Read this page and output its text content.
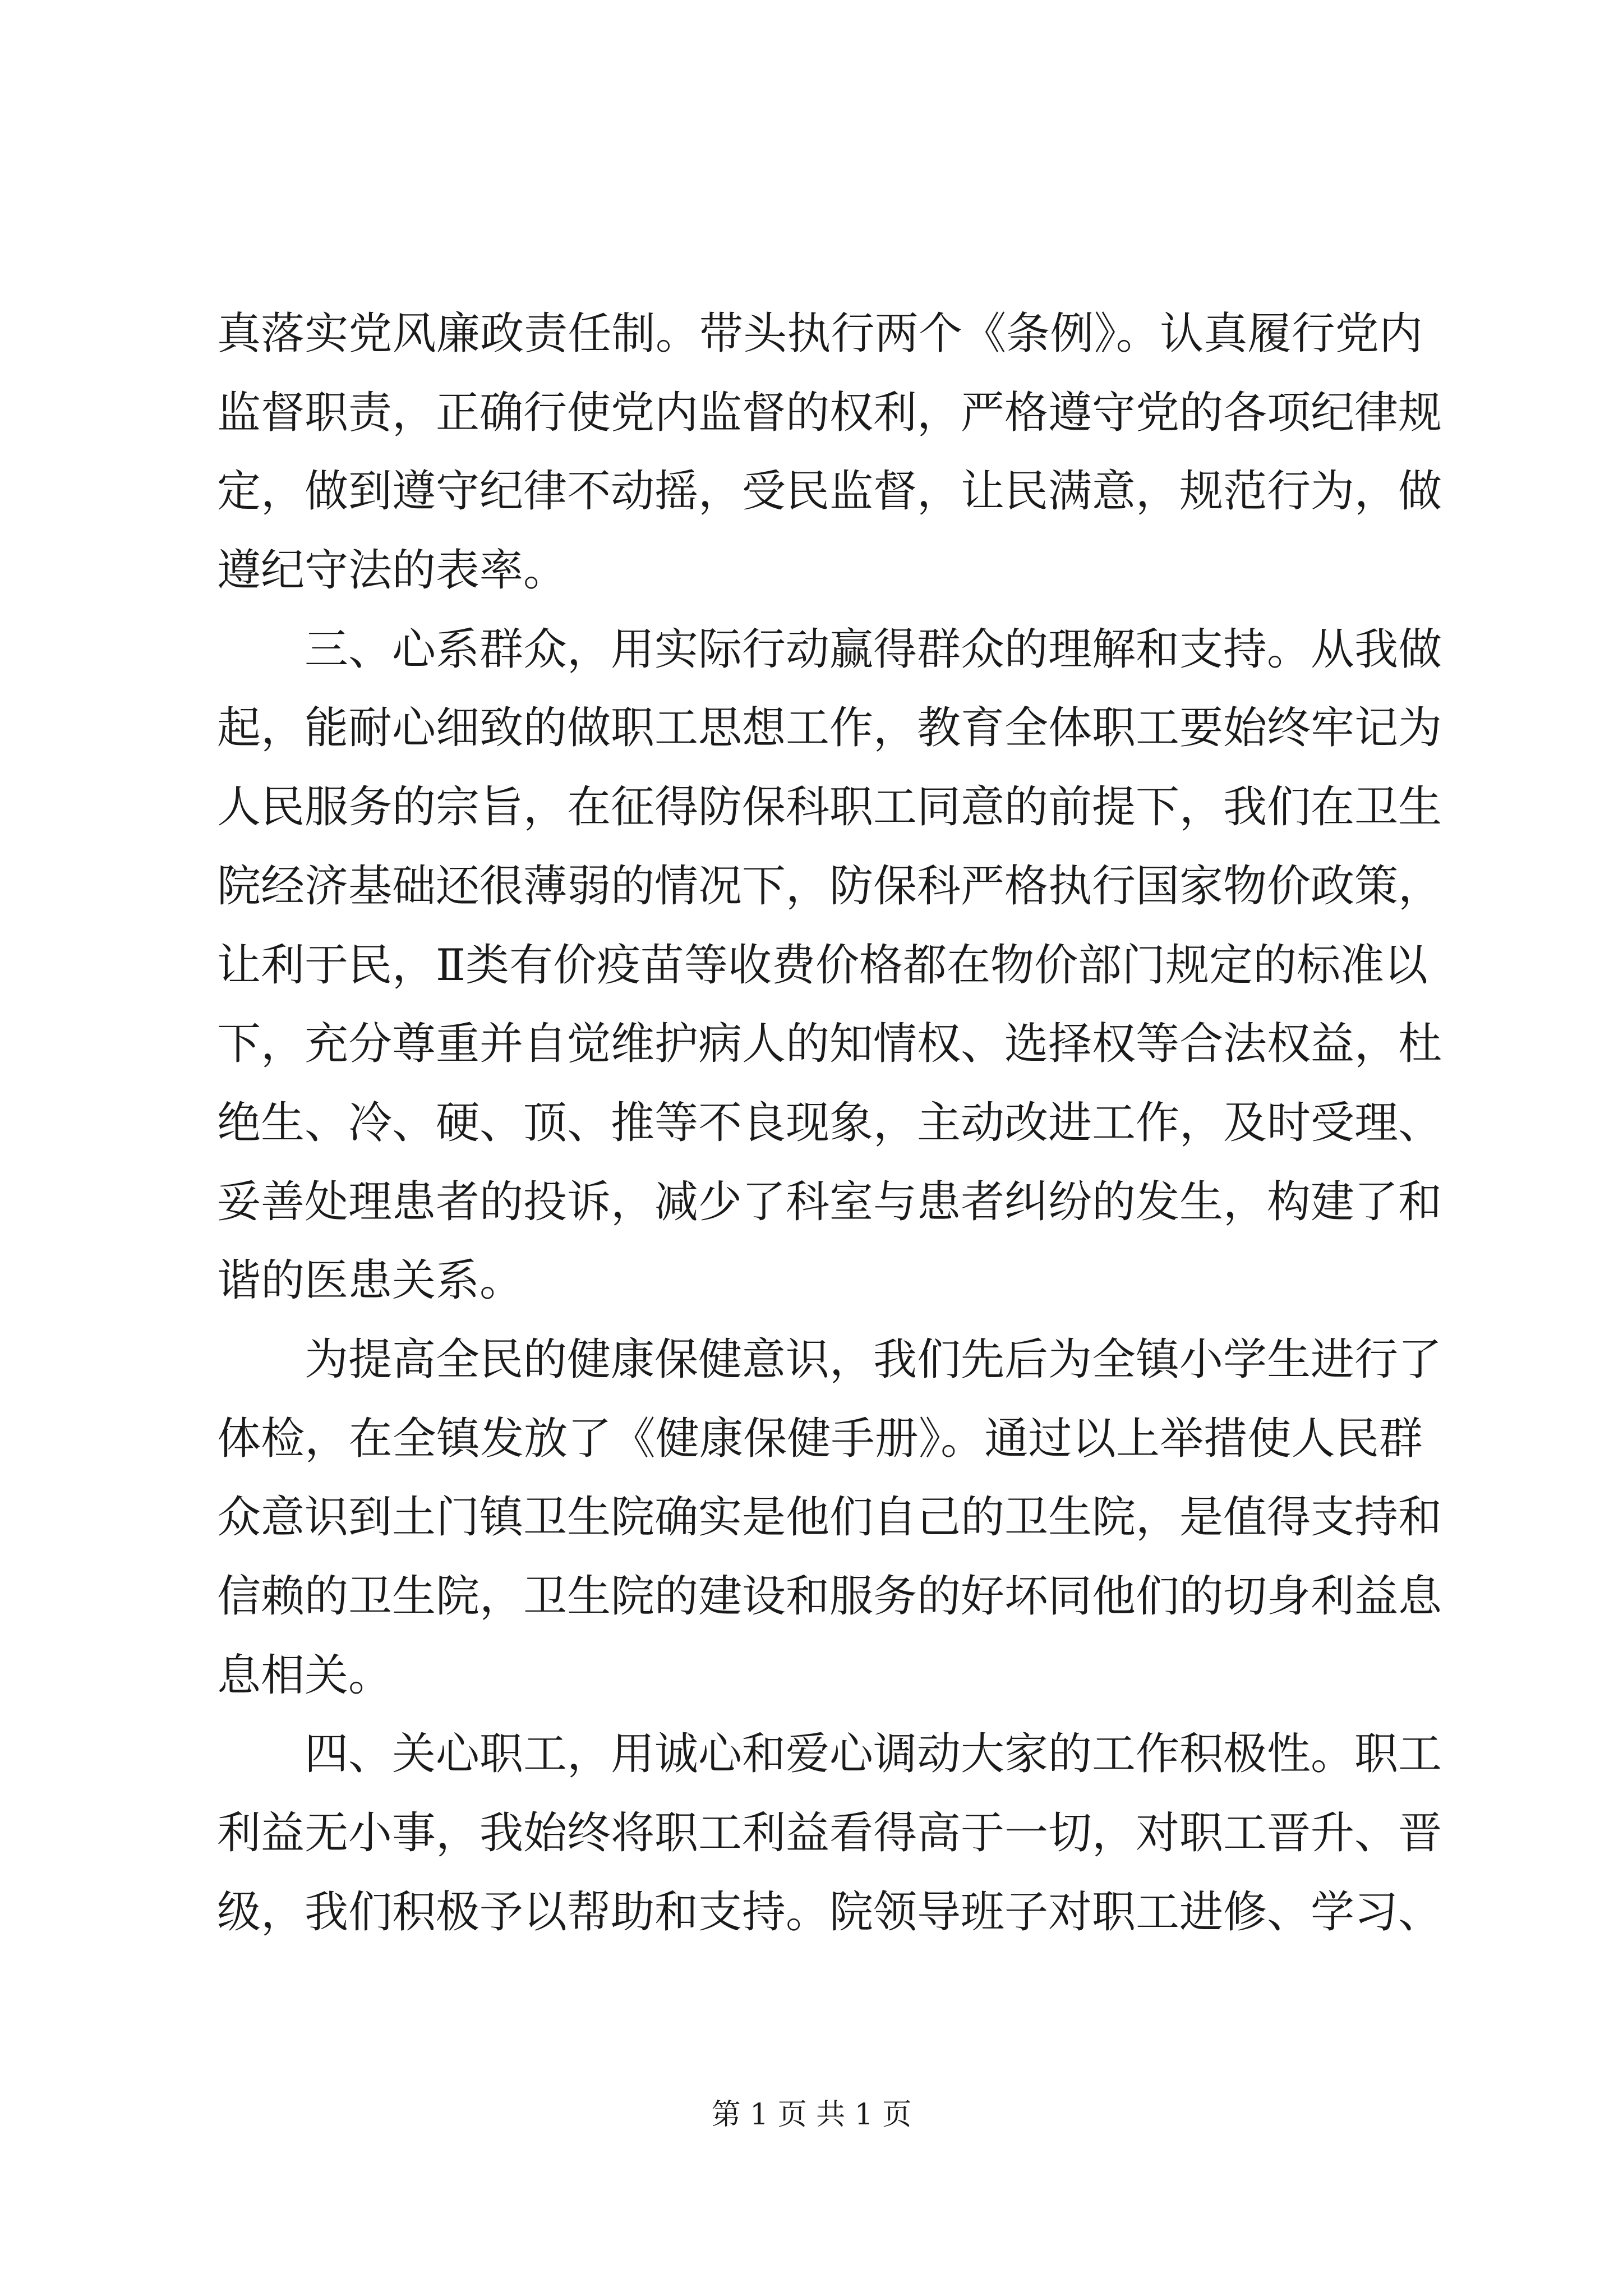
真落实党风廉政责任制。带头执行两个《条例》。认真履行党内
监督职责，正确行使党内监督的权利，严格遵守党的各项纪律规
定，做到遵守纪律不动摇，受民监督，让民满意，规范行为，做
遵纪守法的表率。
三、心系群众，用实际行动赢得群众的理解和支持。从我做
起，能耐心细致的做职工思想工作，教育全体职工要始终牢记为
人民服务的宗旨，在征得防保科职工同意的前提下，我们在卫生
院经济基础还很薄弱的情况下，防保科严格执行国家物价政策，
让利于民，Ⅱ类有价疫苗等收费价格都在物价部门规定的标准以
下，充分尊重并自觉维护病人的知情权、选择权等合法权益，杜
绝生、冷、硬、顶、推等不良现象，主动改进工作，及时受理、
妥善处理患者的投诉，减少了科室与患者纠纷的发生，构建了和
谐的医患关系。
为提高全民的健康保健意识，我们先后为全镇小学生进行了
体检，在全镇发放了《健康保健手册》。通过以上举措使人民群
众意识到土门镇卫生院确实是他们自己的卫生院，是值得支持和
信赖的卫生院，卫生院的建设和服务的好坏同他们的切身利益息
息相关。
四、关心职工，用诚心和爱心调动大家的工作积极性。职工
利益无小事，我始终将职工利益看得高于一切，对职工晋升、晋
级，我们积极予以帮助和支持。院领导班子对职工进修、学习、
第 1 页 共 1 页
